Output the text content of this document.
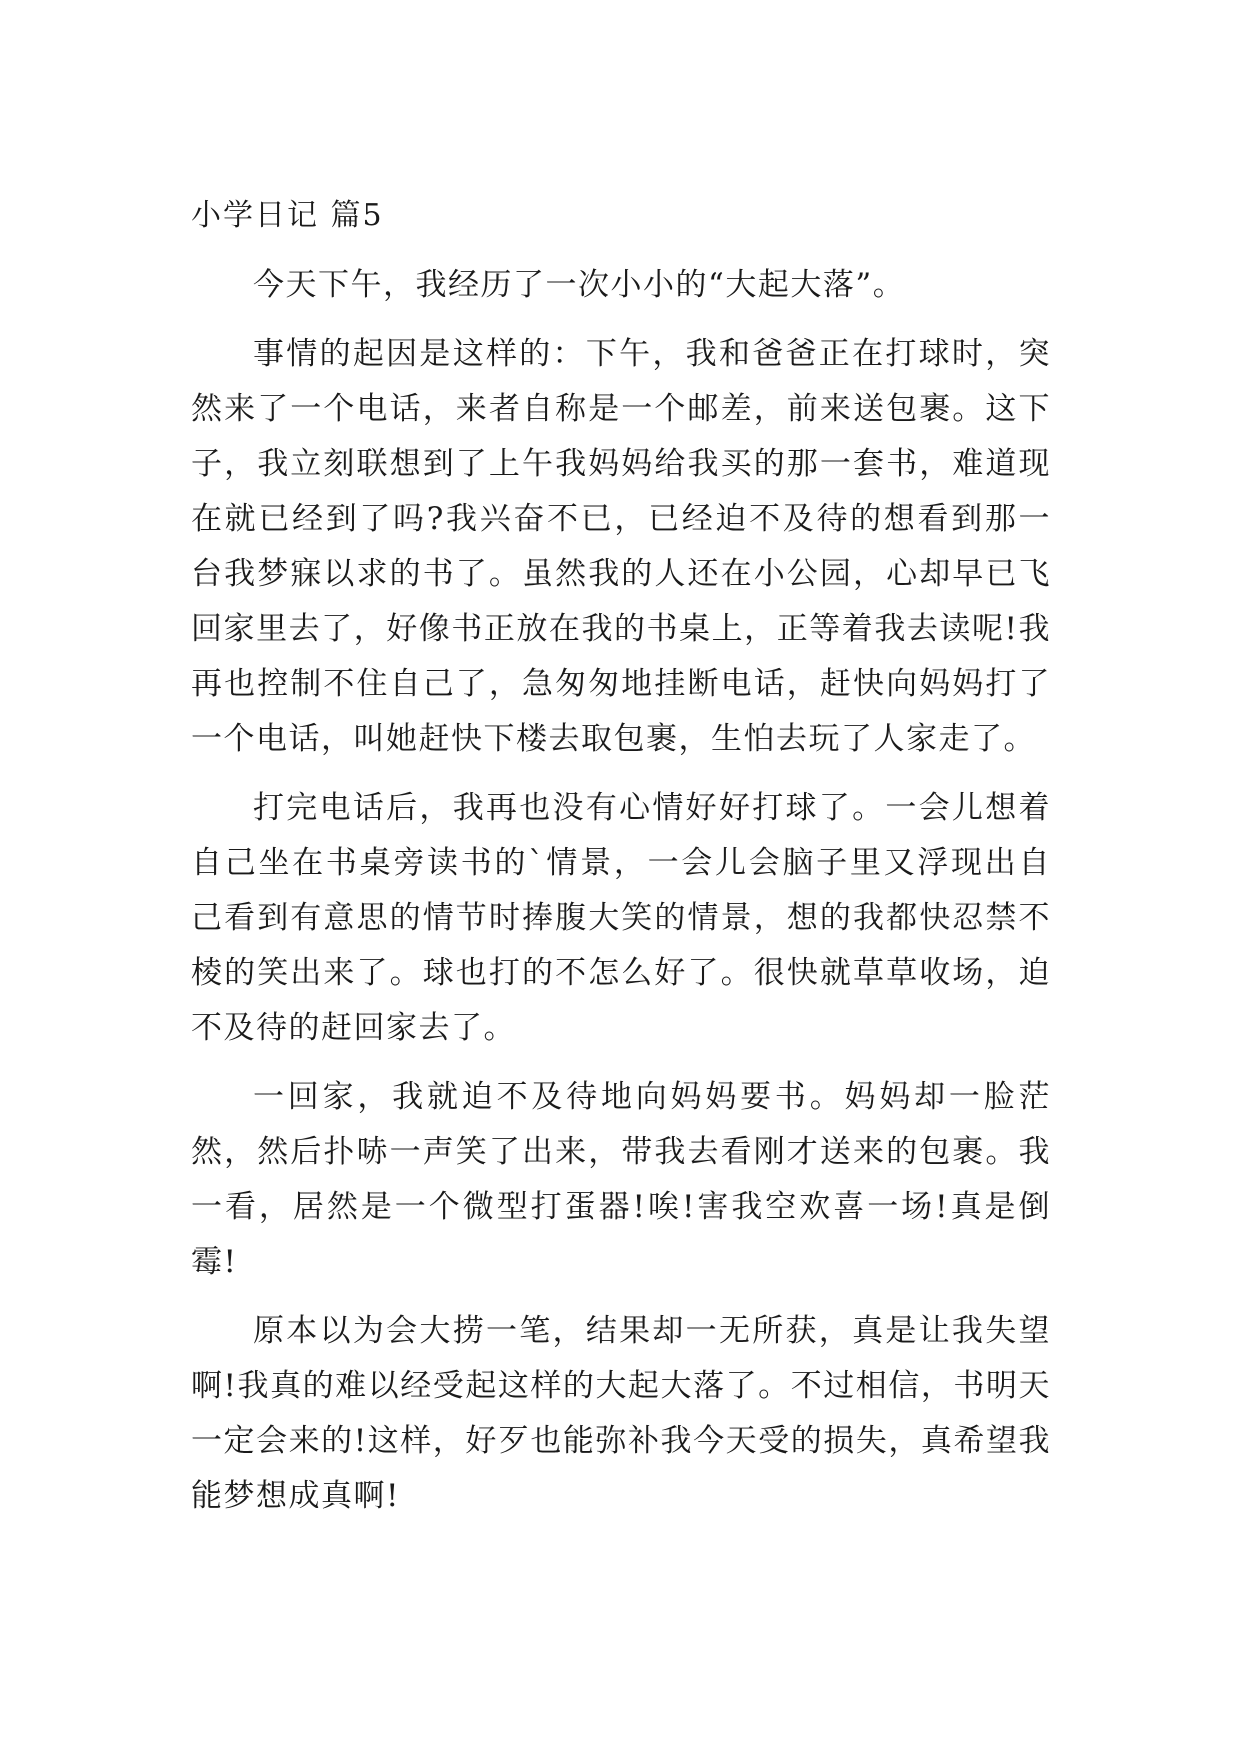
小学日记 篇5

今天下午，我经历了一次小小的“大起大落”。

事情的起因是这样的：下午，我和爸爸正在打球时，突然来了一个电话，来者自称是一个邮差，前来送包裹。这下子，我立刻联想到了上午我妈妈给我买的那一套书，难道现在就已经到了吗?我兴奋不已，已经迫不及待的想看到那一台我梦寐以求的书了。虽然我的人还在小公园，心却早已飞回家里去了，好像书正放在我的书桌上，正等着我去读呢!我再也控制不住自己了，急匆匆地挂断电话，赶快向妈妈打了一个电话，叫她赶快下楼去取包裹，生怕去玩了人家走了。

打完电话后，我再也没有心情好好打球了。一会儿想着自己坐在书桌旁读书的`情景，一会儿会脑子里又浮现出自己看到有意思的情节时捧腹大笑的情景，想的我都快忍禁不棱的笑出来了。球也打的不怎么好了。很快就草草收场，迫不及待的赶回家去了。

一回家，我就迫不及待地向妈妈要书。妈妈却一脸茫然，然后扑哧一声笑了出来，带我去看刚才送来的包裹。我一看，居然是一个微型打蛋器!唉!害我空欢喜一场!真是倒霉!

原本以为会大捞一笔，结果却一无所获，真是让我失望啊!我真的难以经受起这样的大起大落了。不过相信，书明天一定会来的!这样，好歹也能弥补我今天受的损失，真希望我能梦想成真啊!
